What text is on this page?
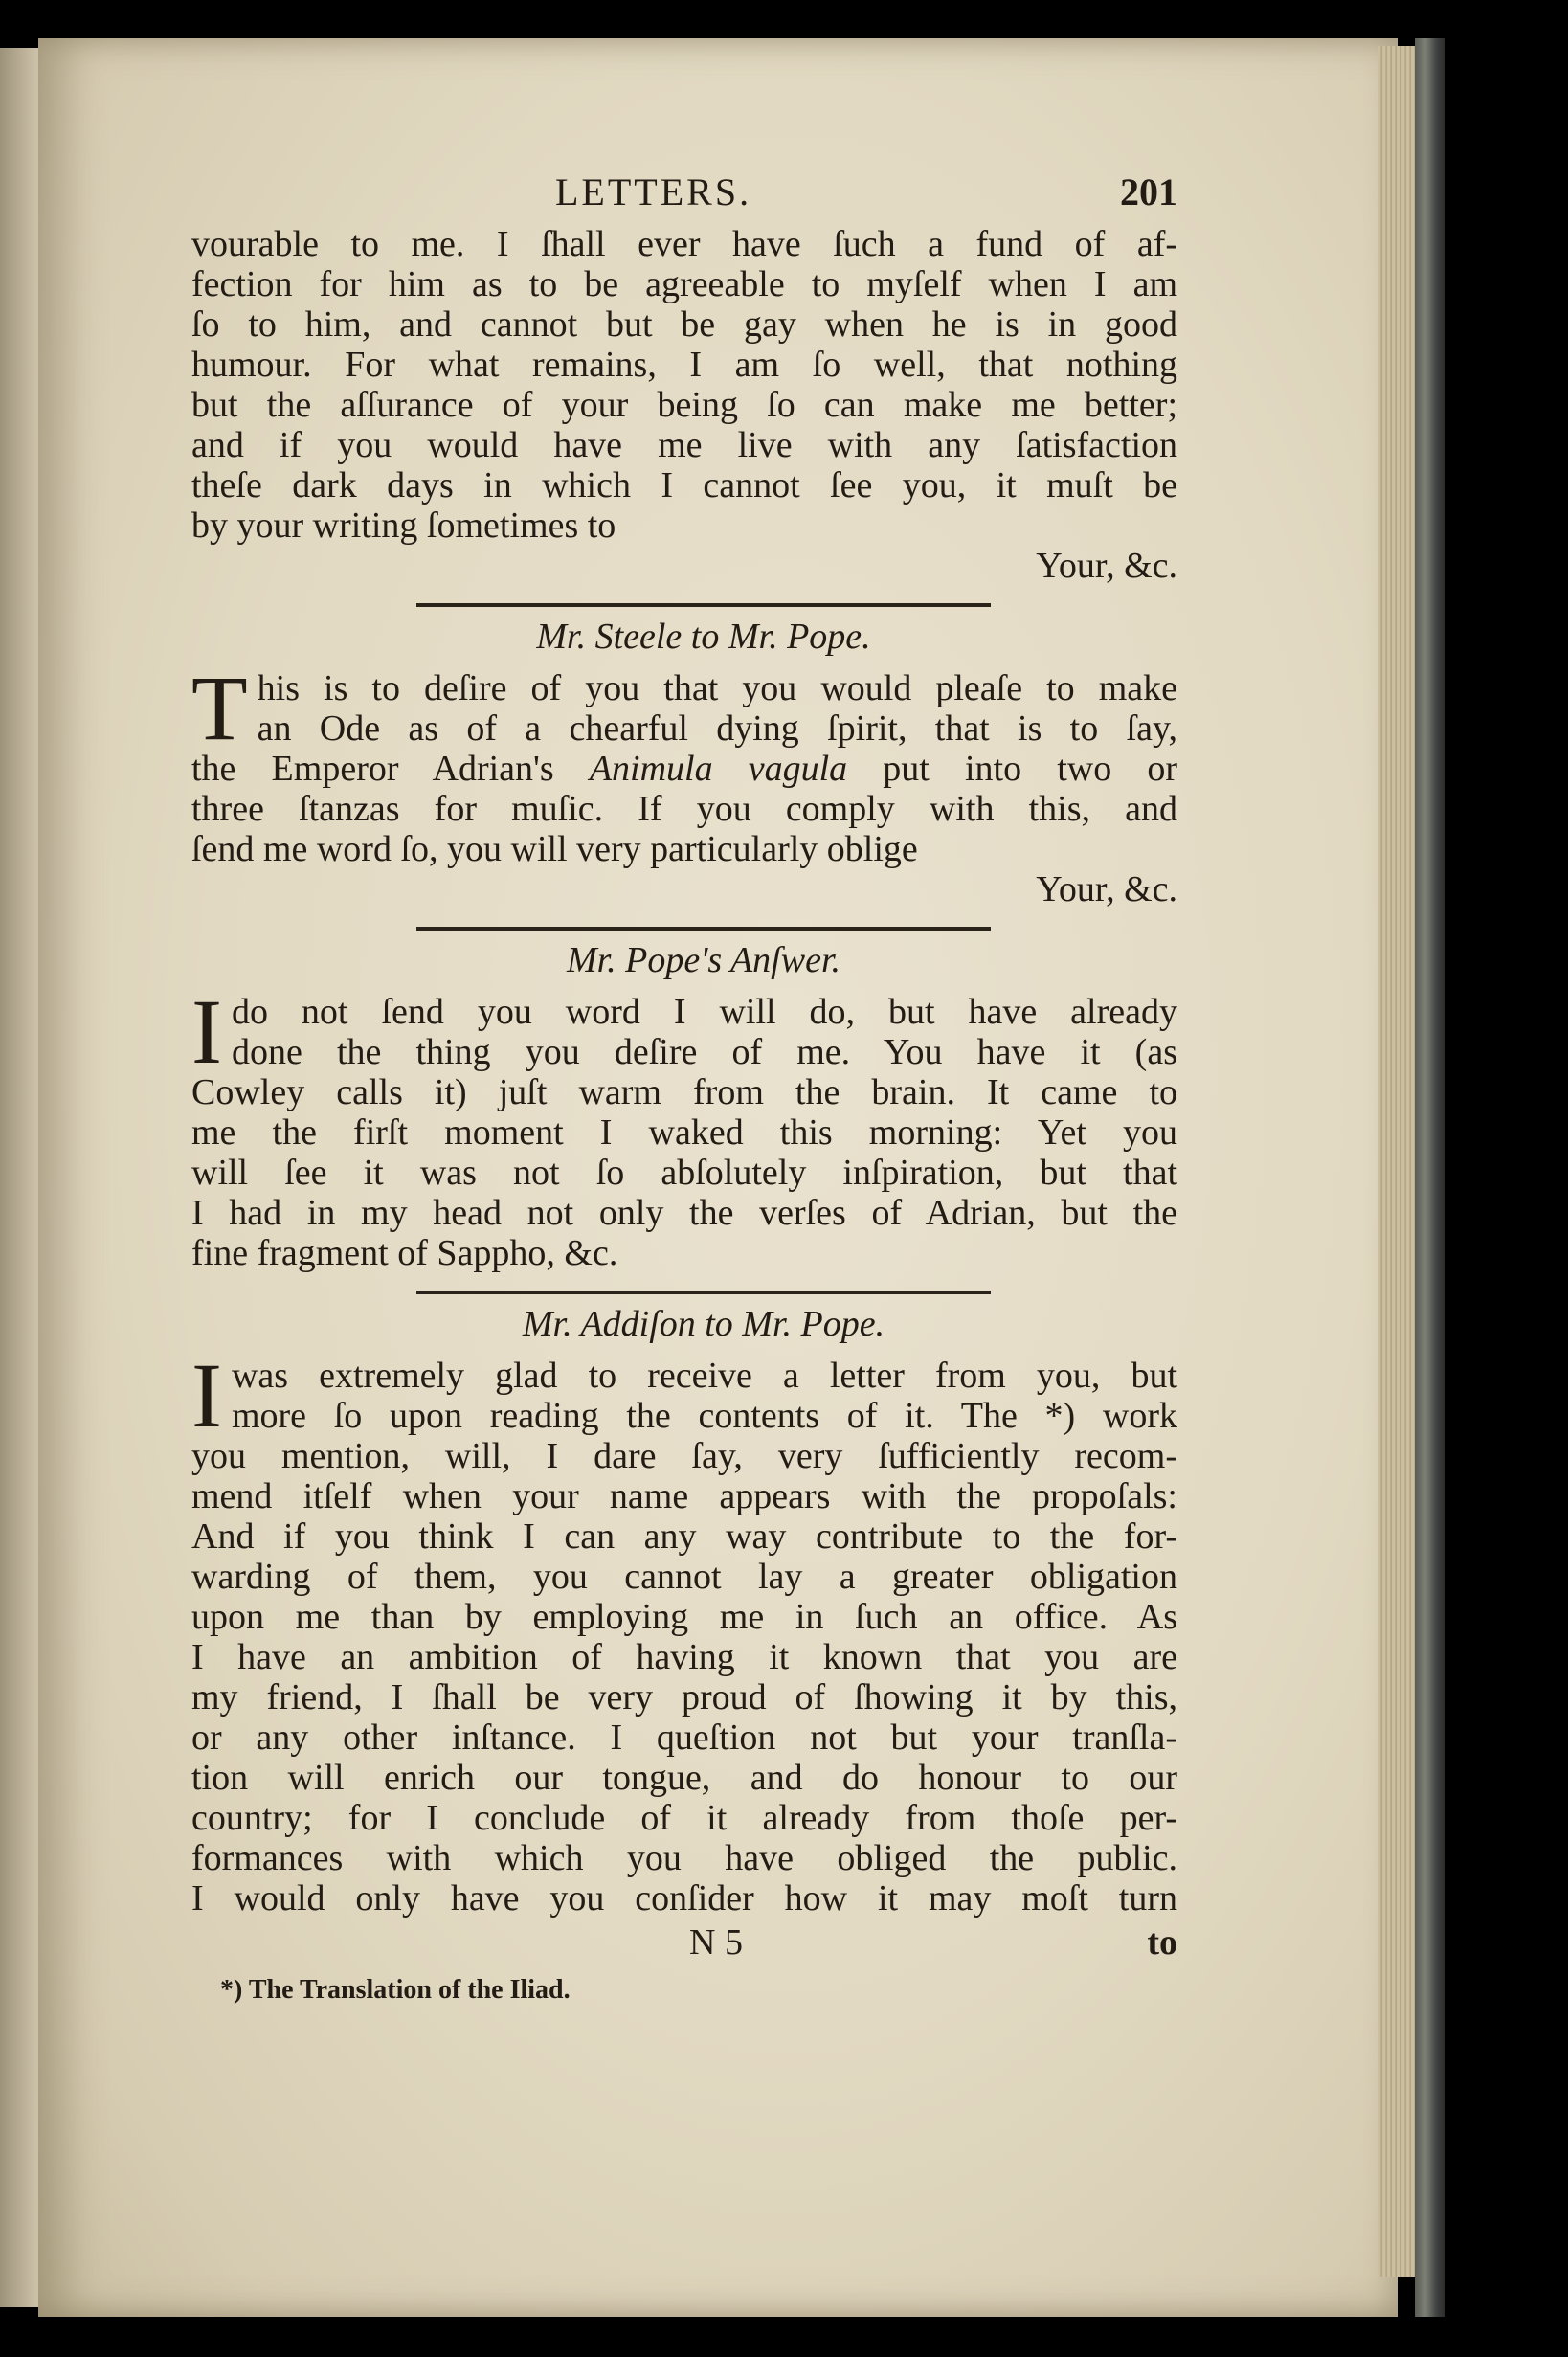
LETTERS.	201
vourable to me. I ſhall ever have ſuch a fund of af-
fection for him as to be agreeable to myſelf when I am
ſo to him, and cannot but be gay when he is in good
humour. For what remains, I am ſo well, that nothing
but the aſſurance of your being ſo can make me better;
and if you would have me live with any ſatisfaction
theſe dark days in which I cannot ſee you, it muſt be
by your writing ſometimes to
Your, &c.
Mr. Steele to Mr. Pope.
T his is to deſire of you that you would pleaſe to make
an Ode as of a chearful dying ſpirit, that is to ſay,
the Emperor Adrian's Animula vagula put into two or
three ſtanzas for muſic. If you comply with this, and
ſend me word ſo, you will very particularly oblige
Your, &c.
Mr. Pope's Anſwer.
I do not ſend you word I will do, but have already
done the thing you deſire of me. You have it (as
Cowley calls it) juſt warm from the brain. It came to
me the firſt moment I waked this morning: Yet you
will ſee it was not ſo abſolutely inſpiration, but that
I had in my head not only the verſes of Adrian, but the
fine fragment of Sappho, &c.
Mr. Addiſon to Mr. Pope.
I was extremely glad to receive a letter from you, but
more ſo upon reading the contents of it. The *) work
you mention, will, I dare ſay, very ſufficiently recom-
mend itſelf when your name appears with the propoſals:
And if you think I can any way contribute to the for-
warding of them, you cannot lay a greater obligation
upon me than by employing me in ſuch an office. As
I have an ambition of having it known that you are
my friend, I ſhall be very proud of ſhowing it by this,
or any other inſtance. I queſtion not but your tranſla-
tion will enrich our tongue, and do honour to our
country; for I conclude of it already from thoſe per-
formances with which you have obliged the public.
I would only have you conſider how it may moſt turn
N 5	to
*) The Translation of the Iliad.
